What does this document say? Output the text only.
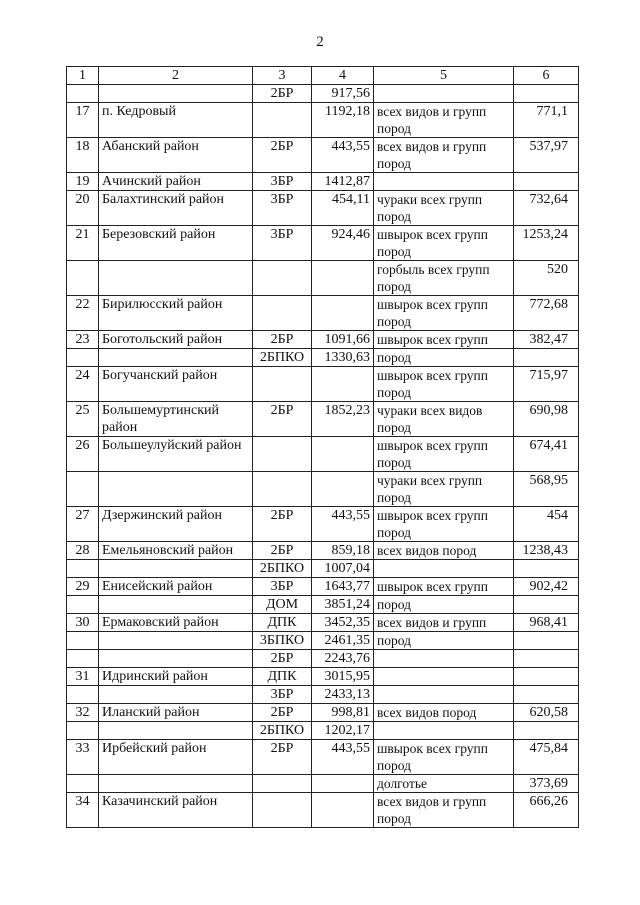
2
1	2	3	4	5	6
		2БР	917,56		
17	п. Кедровый		1192,18	всех видов и групп пород	771,1
18	Абанский район	2БР	443,55	всех видов и групп пород	537,97
19	Ачинский район	3БР	1412,87		
20	Балахтинский район	3БР	454,11	чураки всех групп пород	732,64
21	Березовский район	3БР	924,46	швырок всех групп пород	1253,24
				горбыль всех групп пород	520
22	Бирилюсский район			швырок всех групп пород	772,68
23	Боготольский район	2БР	1091,66	швырок всех групп	382,47
		2БПКО	1330,63	пород	
24	Богучанский район			швырок всех групп пород	715,97
25	Большемуртинский район	2БР	1852,23	чураки всех видов пород	690,98
26	Большеулуйский район			швырок всех групп пород	674,41
				чураки всех групп пород	568,95
27	Дзержинский район	2БР	443,55	швырок всех групп пород	454
28	Емельяновский район	2БР	859,18	всех видов пород	1238,43
		2БПКО	1007,04		
29	Енисейский район	3БР	1643,77	швырок всех групп	902,42
		ДОМ	3851,24	пород	
30	Ермаковский район	ДПК	3452,35	всех видов и групп	968,41
		3БПКО	2461,35	пород	
		2БР	2243,76		
31	Идринский район	ДПК	3015,95		
		3БР	2433,13		
32	Иланский район	2БР	998,81	всех видов пород	620,58
		2БПКО	1202,17		
33	Ирбейский район	2БР	443,55	швырок всех групп пород	475,84
				долготье	373,69
34	Казачинский район			всех видов и групп пород	666,26
